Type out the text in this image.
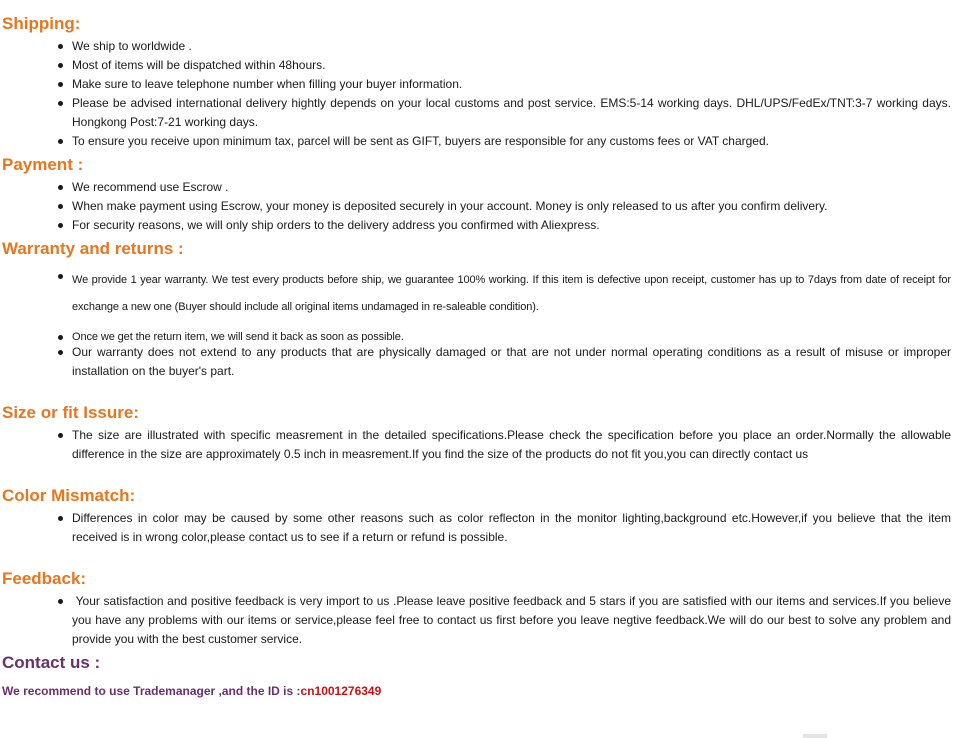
Shipping:
We ship to worldwide .
Most of items will be dispatched within 48hours.
Make sure to leave telephone number when filling your buyer information.
Please be advised international delivery hightly depends on your local customs and post service. EMS:5-14 working days. DHL/UPS/FedEx/TNT:3-7 working days. Hongkong Post:7-21 working days.
To ensure you receive upon minimum tax, parcel will be sent as GIFT, buyers are responsible for any customs fees or VAT charged.
Payment :
We recommend use Escrow .
When make payment using Escrow, your money is deposited securely in your account. Money is only released to us after you confirm delivery.
For security reasons, we will only ship orders to the delivery address you confirmed with Aliexpress.
Warranty and returns :
We provide 1 year warranty. We test every products before ship, we guarantee 100% working. If this item is defective upon receipt, customer has up to 7days from date of receipt for exchange a new one (Buyer should include all original items undamaged in re-saleable condition).
Once we get the return item, we will send it back as soon as possible.
Our warranty does not extend to any products that are physically damaged or that are not under normal operating conditions as a result of misuse or improper installation on the buyer's part.
Size or fit Issure:
The size are illustrated with specific measrement in the detailed specifications.Please check the specification before you place an order.Normally the allowable difference in the size are approximately 0.5 inch in measrement.If you find the size of the products do not fit you,you can directly contact us
Color Mismatch:
Differences in color may be caused by some other reasons such as color reflecton in the monitor lighting,background etc.However,if you believe that the item received is in wrong color,please contact us to see if a return or refund is possible.
Feedback:
Your satisfaction and positive feedback is very import to us .Please leave positive feedback and 5 stars if you are satisfied with our items and services.If you believe you have any problems with our items or service,please feel free to contact us first before you leave negtive feedback.We will do our best to solve any problem and provide you with the best customer service.
Contact us :

We recommend to use Trademanager ,and the ID is :cn1001276349
